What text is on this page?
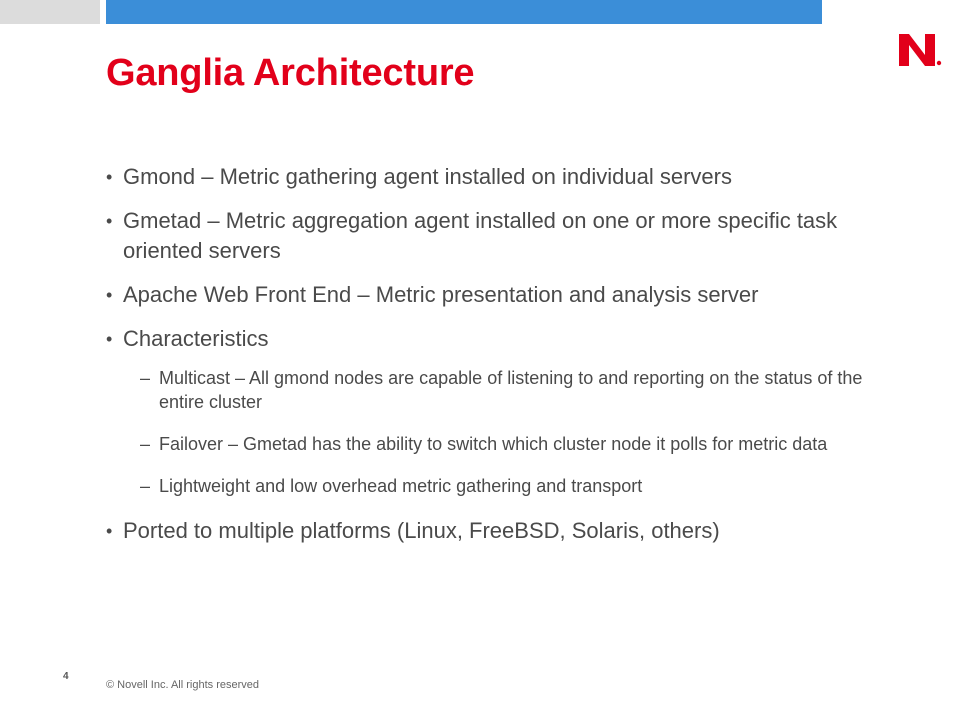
Ganglia Architecture
• Gmond – Metric gathering agent installed on individual servers
• Gmetad – Metric aggregation agent installed on one or more specific task oriented servers
• Apache Web Front End – Metric presentation and analysis server
• Characteristics
– Multicast – All gmond nodes are capable of listening to and reporting on the status of the entire cluster
– Failover – Gmetad has the ability to switch which cluster node it polls for metric data
– Lightweight and low overhead metric gathering and transport
• Ported to multiple platforms (Linux, FreeBSD, Solaris, others)
4
© Novell Inc. All rights reserved
